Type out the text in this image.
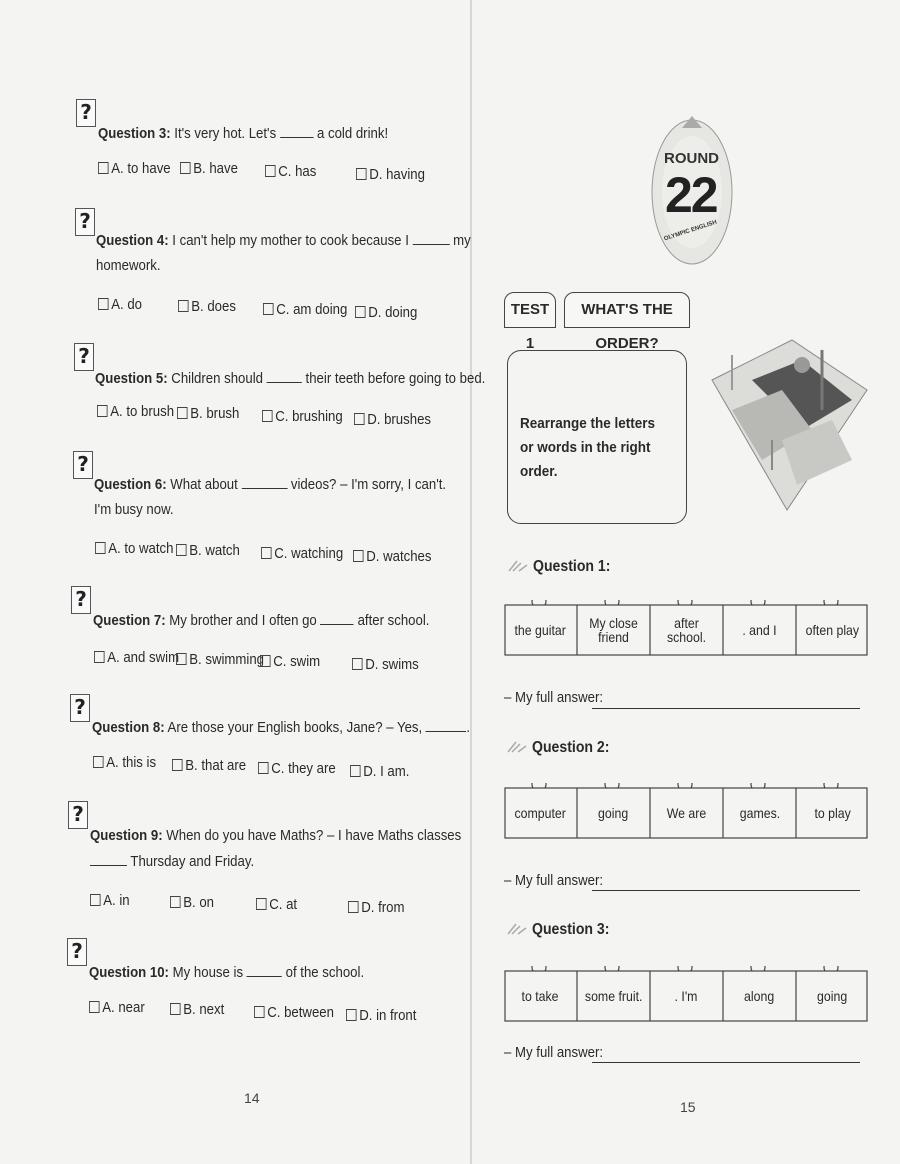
?
Question 3: It's very hot. Let's	a cold drink!
A. to have	B. have	C. has	D. having
?
Question 4: I can't help my mother to cook because I	my
homework.
A. do	B. does	C. am doing	D. doing
?
Question 5: Children should	their teeth before going to bed.
A. to brush	B. brush	C. brushing	D. brushes
?
Question 6: What about	videos? – I'm sorry, I can't.
I'm busy now.
A. to watch	B. watch	C. watching	D. watches
?
Question 7: My brother and I often go	after school.
A. and swim B. swimming C. swim	D. swims
?
Question 8: Are those your English books, Jane? – Yes,	.
A. this is	B. that are	C. they are	D. I am.
?
Question 9: When do you have Maths? – I have Maths classes
Thursday and Friday.
A. in	B. on	C. at	D. from
?
Question 10: My house is	of the school.
A. near	B. next	C. between	D. in front
14
ROUND
22
OLYMPIC ENGLISH
TEST 1
WHAT'S THE ORDER?
Rearrange the letters or words in the right order.
Question 1:
the guitar	My close friend
after school.	. and I often play
– My full answer:
Question 2:
computer going	We are games. to play
– My full answer:
Question 3:
to take some fruit. . I'm	along	going
– My full answer:
15
